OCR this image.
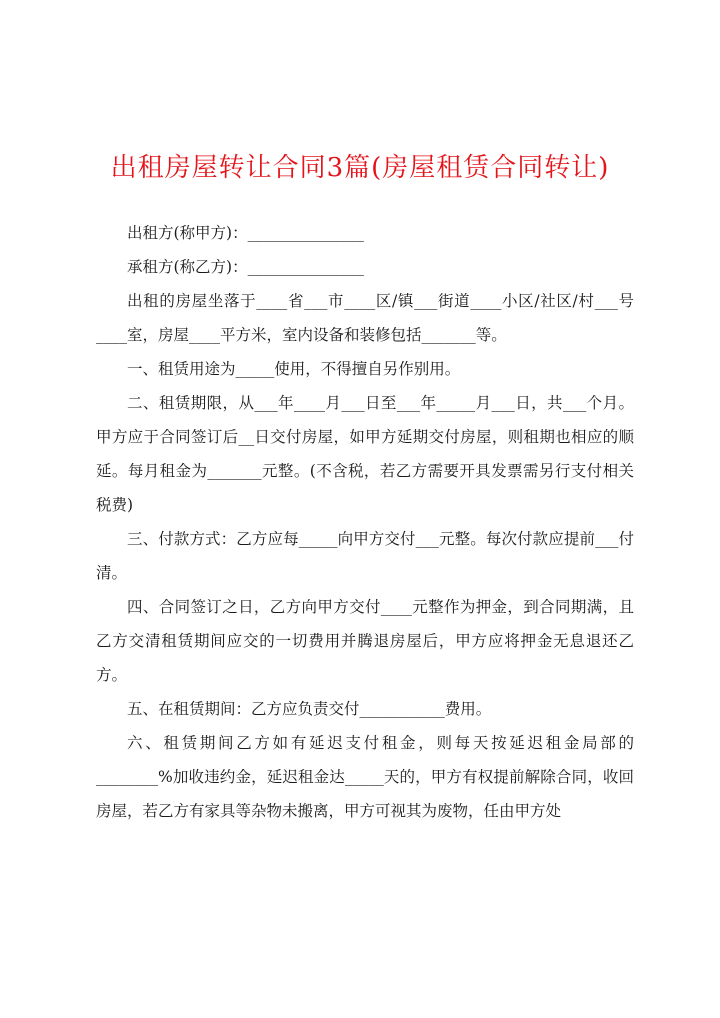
出租房屋转让合同3篇(房屋租赁合同转让)

出租方(称甲方)：_______________

承租方(称乙方)：_______________

出租的房屋坐落于____省___市____区/镇___街道____小区/社区/村___号____室，房屋____平方米，室内设备和装修包括_______等。

一、租赁用途为_____使用，不得擅自另作别用。

二、租赁期限，从___年____月___日至___年_____月___日，共___个月。甲方应于合同签订后__日交付房屋，如甲方延期交付房屋，则租期也相应的顺延。每月租金为_______元整。(不含税，若乙方需要开具发票需另行支付相关税费)

三、付款方式：乙方应每_____向甲方交付___元整。每次付款应提前___付清。

四、合同签订之日，乙方向甲方交付____元整作为押金，到合同期满，且乙方交清租赁期间应交的一切费用并腾退房屋后，甲方应将押金无息退还乙方。

五、在租赁期间：乙方应负责交付___________费用。

六、租赁期间乙方如有延迟支付租金，则每天按延迟租金局部的________%加收违约金，延迟租金达_____天的，甲方有权提前解除合同，收回房屋，若乙方有家具等杂物未搬离，甲方可视其为废物，任由甲方处
